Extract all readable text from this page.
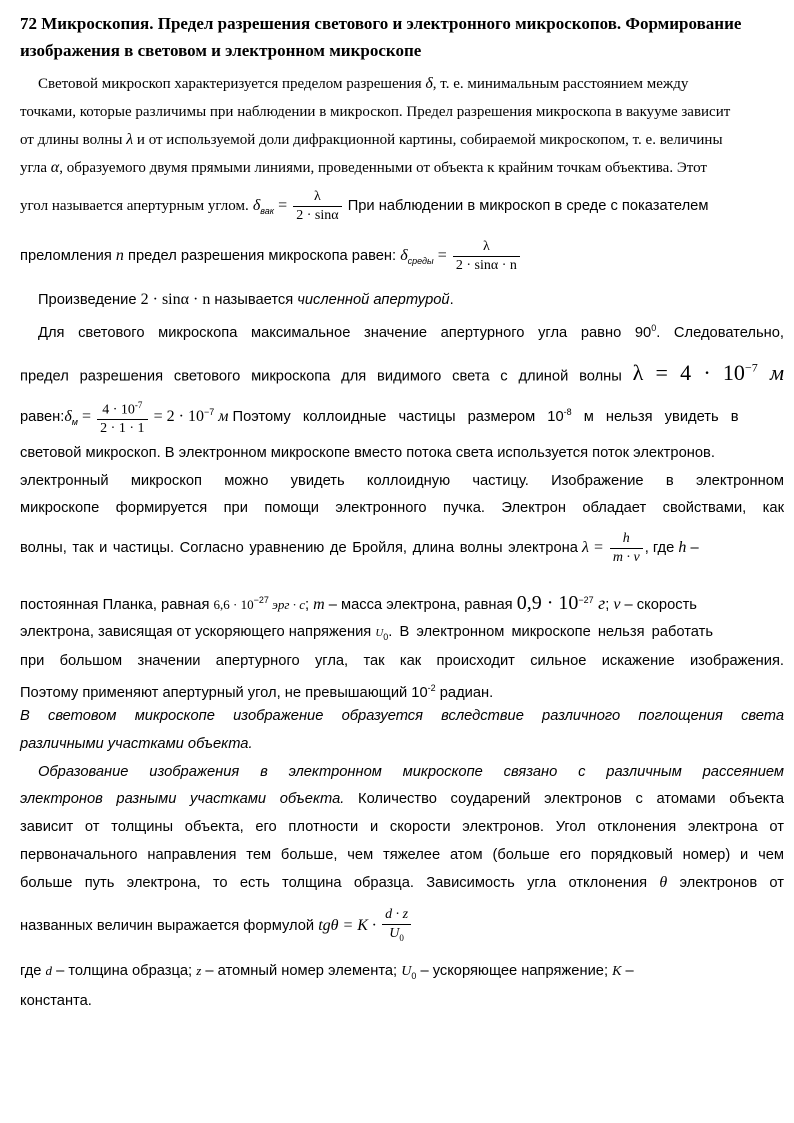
72 Микроскопия. Предел разрешения светового и электронного микроскопов. Формирование изображения в световом и электронном микроскопе

Световой микроскоп характеризуется пределом разрешения δ, т. е. минимальным расстоянием между

точками, которые различимы при наблюдении в микроскоп. Предел разрешения микроскопа в вакууме зависит

от длины волны λ и от используемой доли дифракционной картины, собираемой микроскопом, т. е. величины

угла α, образуемого двумя прямыми линиями, проведенными от объекта к крайним точкам объектива. Этот

угол называется апертурным углом. $\delta_{вак} = \frac{\lambda}{2 \cdot \sin\alpha}$ При наблюдении в микроскоп в среде с показателем
преломления n предел разрешения микроскопа равен: $\delta_{среды} = \frac{\lambda}{2 \cdot \sin\alpha \cdot n}$
Произведение 2 · sinα · n называется численной апертурой.
Для светового микроскопа максимальное значение апертурного угла равно $90^0$. Следовательно,
предел разрешения светового микроскопа для видимого света с длиной волны $\lambda = 4 \cdot 10^{-7}$ м
$равен:\delta_м = \frac{4 \cdot 10^{-7}}{2 \cdot 1 \cdot 1} = 2 \cdot 10^{-7}$ м Поэтому коллоидные частицы размером $10^{-8}$ м нельзя увидеть в
световой микроскоп. В электронном микроскопе вместо потока света используется поток электронов.
электронный микроскоп можно увидеть коллоидную частицу. Изображение в электронном
микроскопе формируется при помощи электронного пучка. Электрон обладает свойствами, как
волны, так и частицы. Согласно уравнению де Бройля, длина волны электрона $\lambda = \frac{h}{m \cdot v}$ , где h –
постоянная Планка, равная $6,6 \cdot 10^{-27}$ эрг · с; m – масса электрона, равная $0,9 \cdot 10^{-27}$ г; v – скорость
электрона, зависящая от ускоряющего напряжения $U_0$. В электронном микроскопе нельзя работать
при большом значении апертурного угла, так как происходит сильное искажение изображения.
Поэтому применяют апертурный угол, не превышающий $10^{-2}$ радиан.
В световом микроскопе изображение образуется вследствие различного поглощения света
различными участками объекта.
Образование изображения в электронном микроскопе связано с различным рассеянием
электронов разными участками объекта. Количество соударений электронов с атомами объекта
зависит от толщины объекта, его плотности и скорости электронов. Угол отклонения электрона от
первоначального направления тем больше, чем тяжелее атом (больше его порядковый номер) и чем
больше путь электрона, то есть толщина образца. Зависимость угла отклонения θ электронов от
названных величин выражается формулой $tg\theta = K \cdot \frac{d \cdot z}{U_0}$
где d – толщина образца; z – атомный номер элемента; $U_0$ – ускоряющее напряжение; K –
константа.
